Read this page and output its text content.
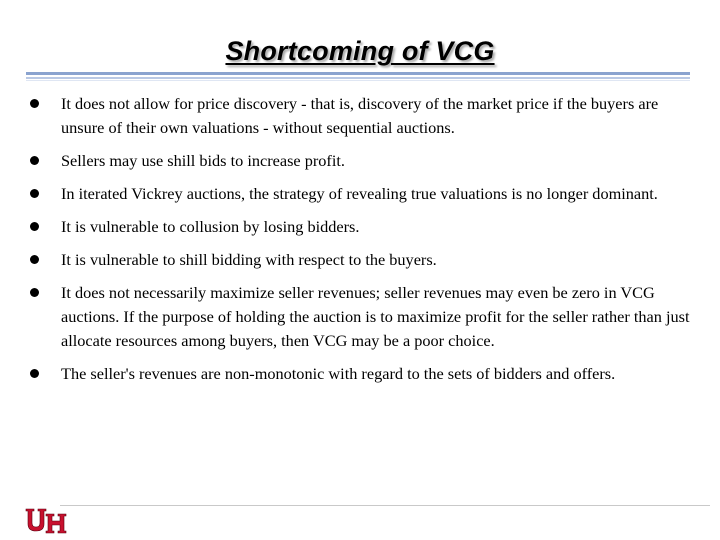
Shortcoming of VCG
It does not allow for price discovery - that is, discovery of the market price if the buyers are unsure of their own valuations - without sequential auctions.
Sellers may use shill bids to increase profit.
In iterated Vickrey auctions, the strategy of revealing true valuations is no longer dominant.
It is vulnerable to collusion by losing bidders.
It is vulnerable to shill bidding with respect to the buyers.
It does not necessarily maximize seller revenues; seller revenues may even be zero in VCG auctions. If the purpose of holding the auction is to maximize profit for the seller rather than just allocate resources among buyers, then VCG may be a poor choice.
The seller's revenues are non-monotonic with regard to the sets of bidders and offers.
